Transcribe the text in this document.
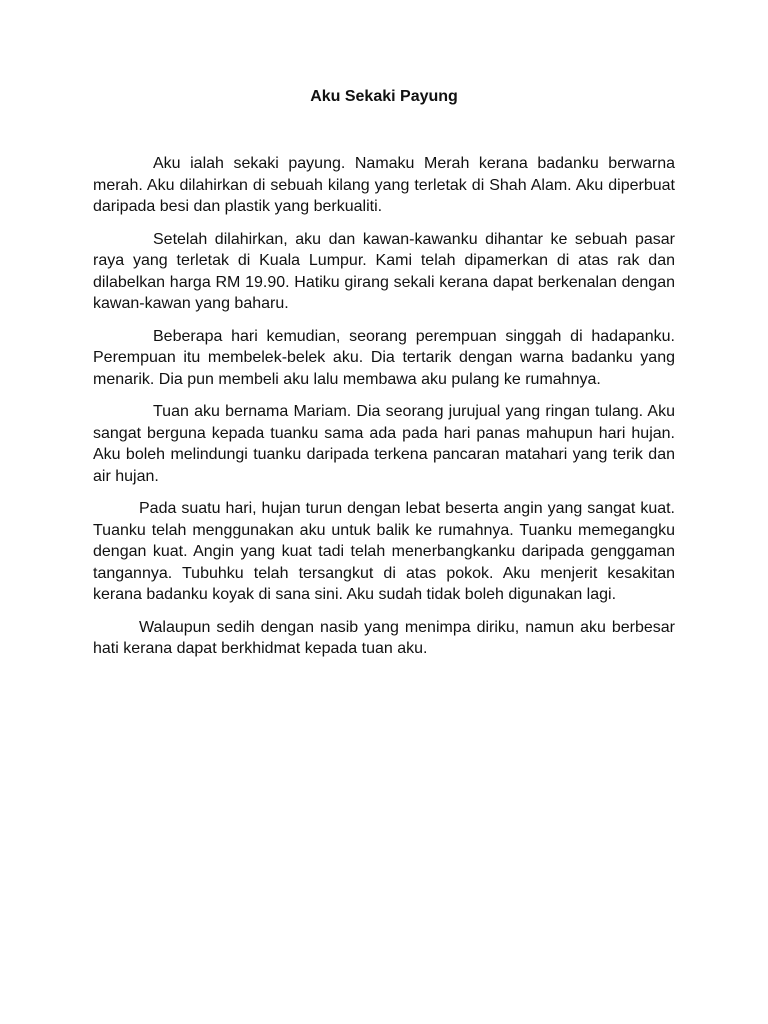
Aku Sekaki Payung

Aku ialah sekaki payung. Namaku Merah kerana badanku berwarna merah. Aku dilahirkan di sebuah kilang yang terletak di Shah Alam. Aku diperbuat daripada besi dan plastik yang berkualiti.

Setelah dilahirkan, aku dan kawan-kawanku dihantar ke sebuah pasar raya yang terletak di Kuala Lumpur. Kami telah dipamerkan di atas rak dan dilabelkan harga RM 19.90. Hatiku girang sekali kerana dapat berkenalan dengan kawan-kawan yang baharu.

Beberapa hari kemudian, seorang perempuan singgah di hadapanku. Perempuan itu membelek-belek aku. Dia tertarik dengan warna badanku yang menarik. Dia pun membeli aku lalu membawa aku pulang ke rumahnya.

Tuan aku bernama Mariam. Dia seorang jurujual yang ringan tulang. Aku sangat berguna kepada tuanku sama ada pada hari panas mahupun hari hujan. Aku boleh melindungi tuanku daripada terkena pancaran matahari yang terik dan air hujan.

Pada suatu hari, hujan turun dengan lebat beserta angin yang sangat kuat. Tuanku telah menggunakan aku untuk balik ke rumahnya. Tuanku memegangku dengan kuat. Angin yang kuat tadi telah menerbangkanku daripada genggaman tangannya. Tubuhku telah tersangkut di atas pokok. Aku menjerit kesakitan kerana badanku koyak di sana sini. Aku sudah tidak boleh digunakan lagi.

Walaupun sedih dengan nasib yang menimpa diriku, namun aku berbesar hati kerana dapat berkhidmat kepada tuan aku.
